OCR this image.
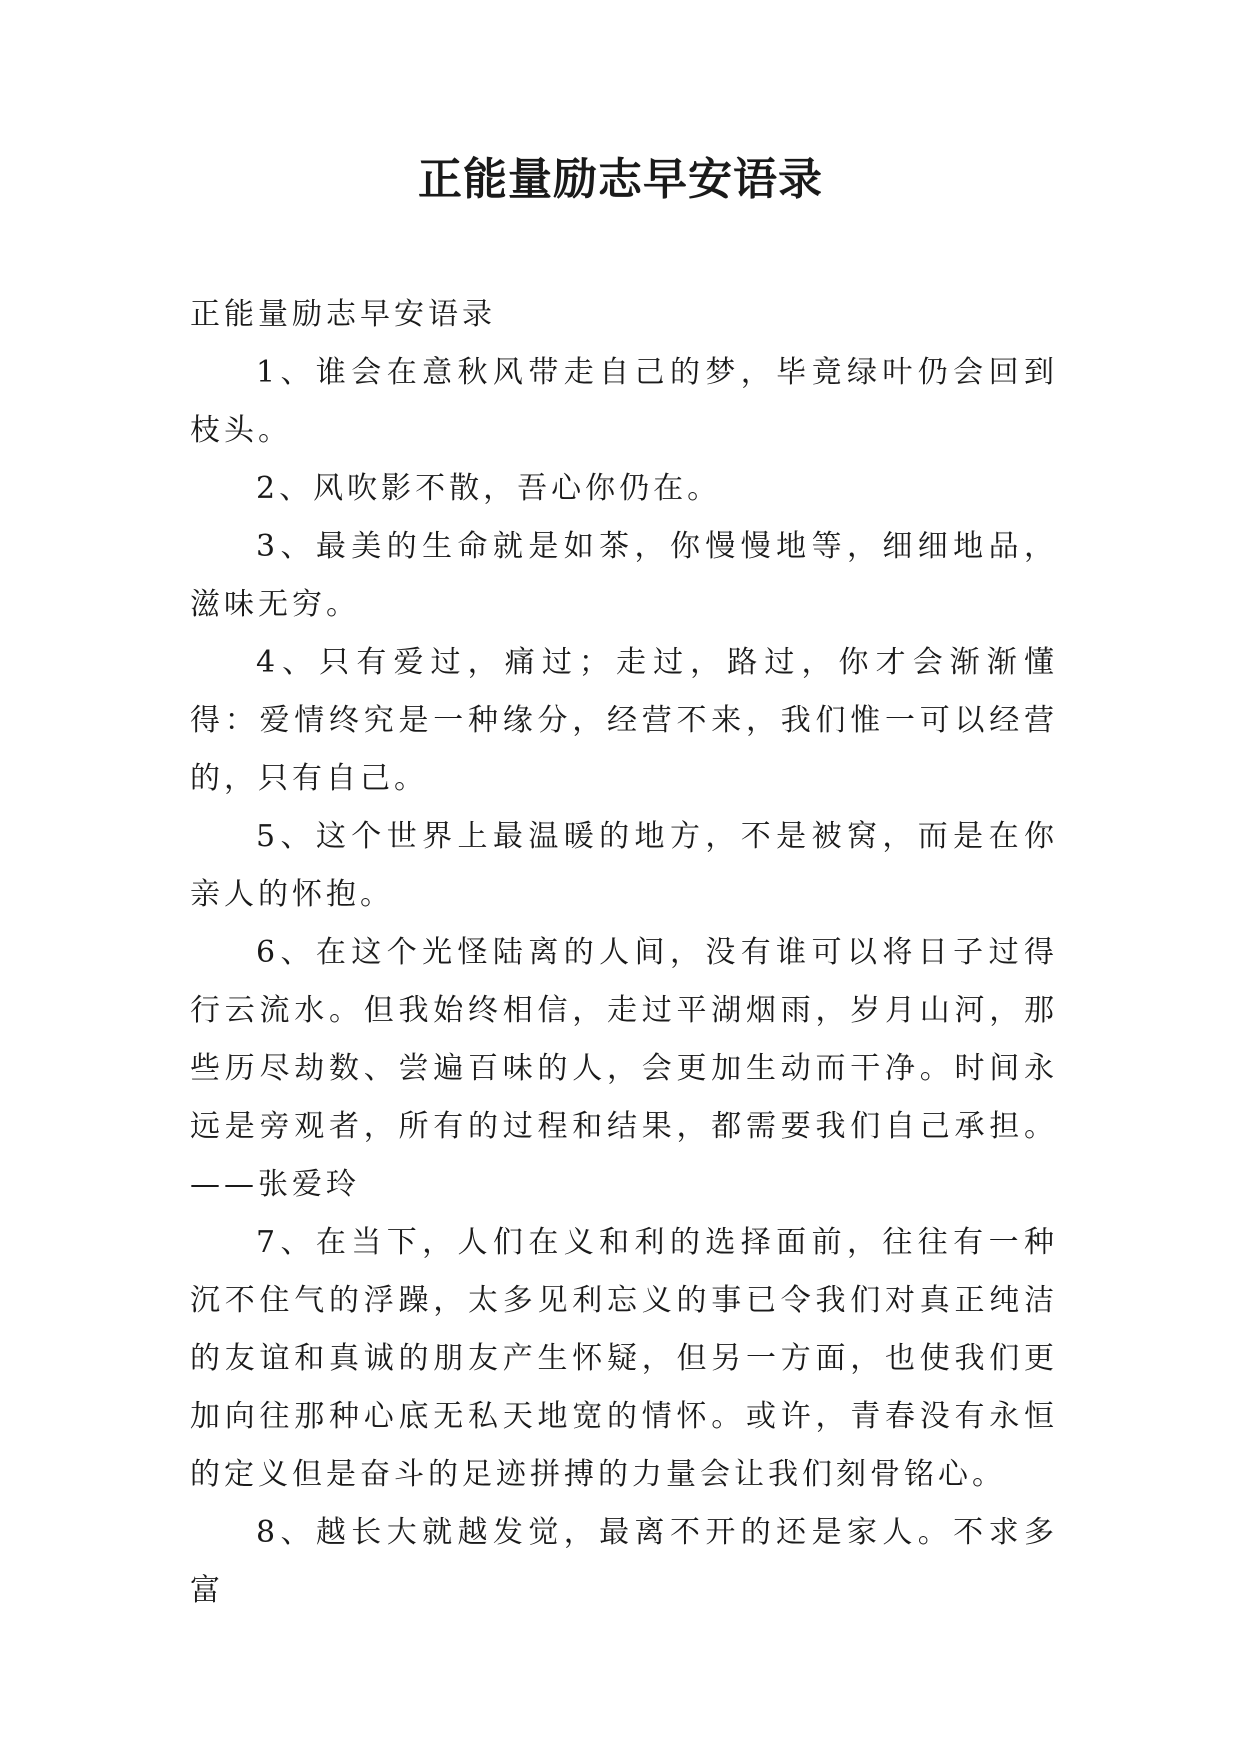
正能量励志早安语录

正能量励志早安语录

1、谁会在意秋风带走自己的梦，毕竟绿叶仍会回到枝头。

2、风吹影不散，吾心你仍在。

3、最美的生命就是如茶，你慢慢地等，细细地品，滋味无穷。

4、只有爱过，痛过；走过，路过，你才会渐渐懂得：爱情终究是一种缘分，经营不来，我们惟一可以经营的，只有自己。

5、这个世界上最温暖的地方，不是被窝，而是在你亲人的怀抱。

6、在这个光怪陆离的人间，没有谁可以将日子过得行云流水。但我始终相信，走过平湖烟雨，岁月山河，那些历尽劫数、尝遍百味的人，会更加生动而干净。时间永远是旁观者，所有的过程和结果，都需要我们自己承担。——张爱玲

7、在当下，人们在义和利的选择面前，往往有一种沉不住气的浮躁，太多见利忘义的事已令我们对真正纯洁的友谊和真诚的朋友产生怀疑，但另一方面，也使我们更加向往那种心底无私天地宽的情怀。或许，青春没有永恒的定义但是奋斗的足迹拼搏的力量会让我们刻骨铭心。

8、越长大就越发觉，最离不开的还是家人。不求多富
